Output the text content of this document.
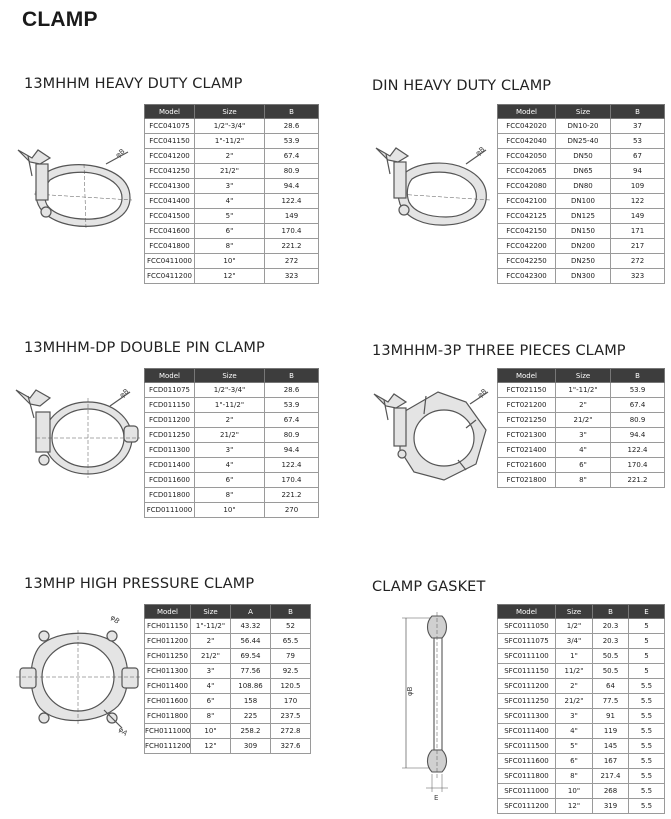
CLAMP
13MHHM HEAVY DUTY CLAMP	DIN HEAVY DUTY CLAMP
13MHHM-DP DOUBLE PIN CLAMP	13MHHM-3P THREE PIECES CLAMP
13MHP HIGH PRESSURE CLAMP	CLAMP GASKET
Model	Size	B
FCC041075	1/2"-3/4"	28.6
FCC041150	1"-11/2"	53.9
FCC041200	2"	67.4
FCC041250	21/2"	80.9
FCC041300	3"	94.4
FCC041400	4"	122.4
FCC041500	5"	149
FCC041600	6"	170.4
FCC041800	8"	221.2
FCC0411000	10"	272
FCC0411200	12"	323
Model	Size	B
FCC042020	DN10-20	37
FCC042040	DN25-40	53
FCC042050	DN50	67
FCC042065	DN65	94
FCC042080	DN80	109
FCC042100	DN100	122
FCC042125	DN125	149
FCC042150	DN150	171
FCC042200	DN200	217
FCC042250	DN250	272
FCC042300	DN300	323
Model	Size	B
FCD011075	1/2"-3/4"	28.6
FCD011150	1"-11/2"	53.9
FCD011200	2"	67.4
FCD011250	21/2"	80.9
FCD011300	3"	94.4
FCD011400	4"	122.4
FCD011600	6"	170.4
FCD011800	8"	221.2
FCD0111000	10"	270
Model	Size	B
FCT021150	1"-11/2"	53.9
FCT021200	2"	67.4
FCT021250	21/2"	80.9
FCT021300	3"	94.4
FCT021400	4"	122.4
FCT021600	6"	170.4
FCT021800	8"	221.2
Model	Size	A	B
FCH011150	1"-11/2"	43.32	52
FCH011200	2"	56.44	65.5
FCH011250	21/2"	69.54	79
FCH011300	3"	77.56	92.5
FCH011400	4"	108.86	120.5
FCH011600	6"	158	170
FCH011800	8"	225	237.5
FCH0111000	10"	258.2	272.8
FCH0111200	12"	309	327.6
Model	Size	B	E
SFC0111050	1/2"	20.3	5
SFC0111075	3/4"	20.3	5
SFC0111100	1"	50.5	5
SFC0111150	11/2"	50.5	5
SFC0111200	2"	64	5.5
SFC0111250	21/2"	77.5	5.5
SFC0111300	3"	91	5.5
SFC0111400	4"	119	5.5
SFC0111500	5"	145	5.5
SFC0111600	6"	167	5.5
SFC0111800	8"	217.4	5.5
SFC0111000	10"	268	5.5
SFC0111200	12"	319	5.5
φB	φB
φB	φB
φB
φA
φB
E
